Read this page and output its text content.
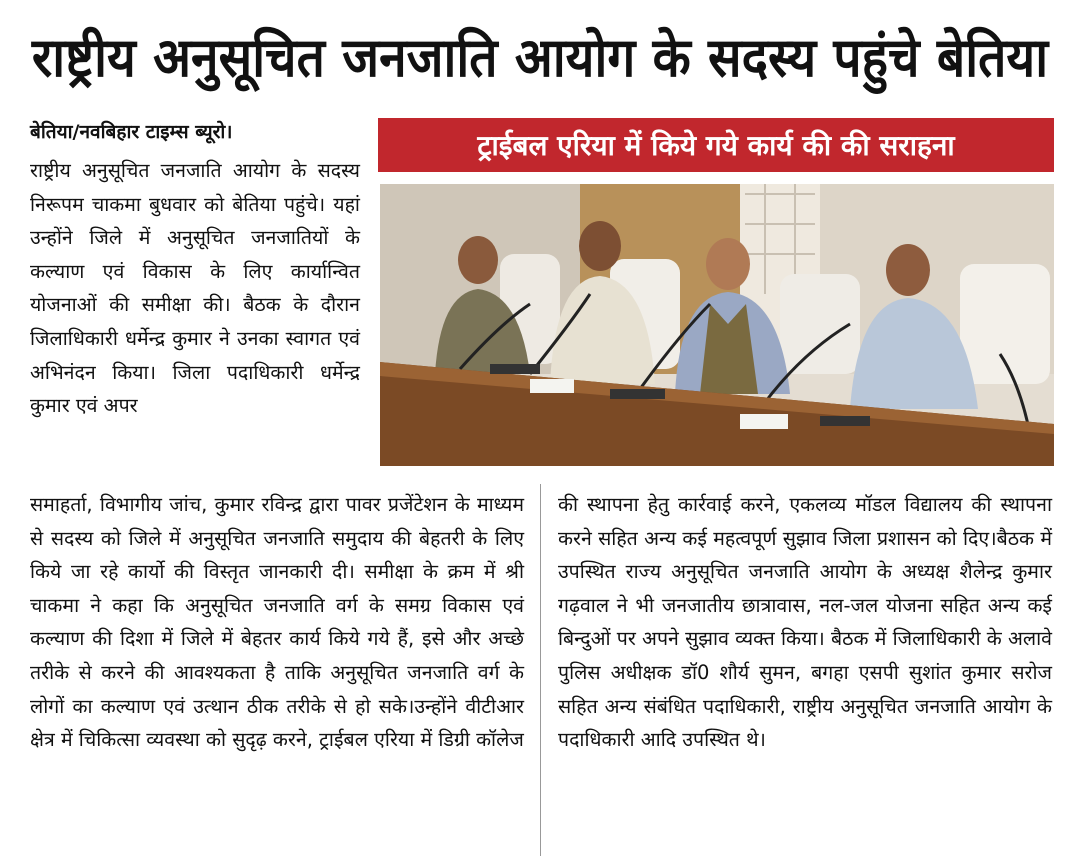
राष्ट्रीय अनुसूचित जनजाति आयोग के सदस्य पहुंचे बेतिया
बेतिया/नवबिहार टाइम्स ब्यूरो।	ट्राईबल एरिया में किये गये कार्य की की सराहना
राष्ट्रीय अनुसूचित जनजाति आयोग के सदस्य निरूपम चाकमा बुधवार को बेतिया पहुंचे। यहां उन्होंने जिले में अनुसूचित जनजातियों के कल्याण एवं विकास के लिए कार्यान्वित योजनाओं की समीक्षा की। बैठक के दौरान जिलाधिकारी धर्मेन्द्र कुमार ने उनका स्वागत एवं अभिनंदन किया। जिला पदाधिकारी धर्मेन्द्र कुमार एवं अपर
समाहर्ता, विभागीय जांच, कुमार रविन्द्र द्वारा पावर प्रजेंटेशन के माध्यम से सदस्य को जिले में अनुसूचित जनजाति समुदाय की बेहतरी के लिए किये जा रहे कार्यो की विस्तृत जानकारी दी। समीक्षा के क्रम में श्री चाकमा ने कहा कि अनुसूचित जनजाति वर्ग के समग्र विकास एवं कल्याण की दिशा में जिले में बेहतर कार्य किये गये हैं, इसे और अच्छे तरीके से करने की आवश्यकता है ताकि अनुसूचित जनजाति वर्ग के लोगों का कल्याण एवं उत्थान ठीक तरीके से हो सके।उन्होंने वीटीआर क्षेत्र में चिकित्सा व्यवस्था को सुदृढ़ करने, ट्राईबल एरिया में डिग्री कॉलेज
की स्थापना हेतु कार्रवाई करने, एकलव्य मॉडल विद्यालय की स्थापना करने सहित अन्य कई महत्वपूर्ण सुझाव जिला प्रशासन को दिए।बैठक में उपस्थित राज्य अनुसूचित जनजाति आयोग के अध्यक्ष शैलेन्द्र कुमार गढ़वाल ने भी जनजातीय छात्रावास, नल-जल योजना सहित अन्य कई बिन्दुओं पर अपने सुझाव व्यक्त किया। बैठक में जिलाधिकारी के अलावे पुलिस अधीक्षक डॉ0 शौर्य सुमन, बगहा एसपी सुशांत कुमार सरोज सहित अन्य संबंधित पदाधिकारी, राष्ट्रीय अनुसूचित जनजाति आयोग के पदाधिकारी आदि उपस्थित थे।
